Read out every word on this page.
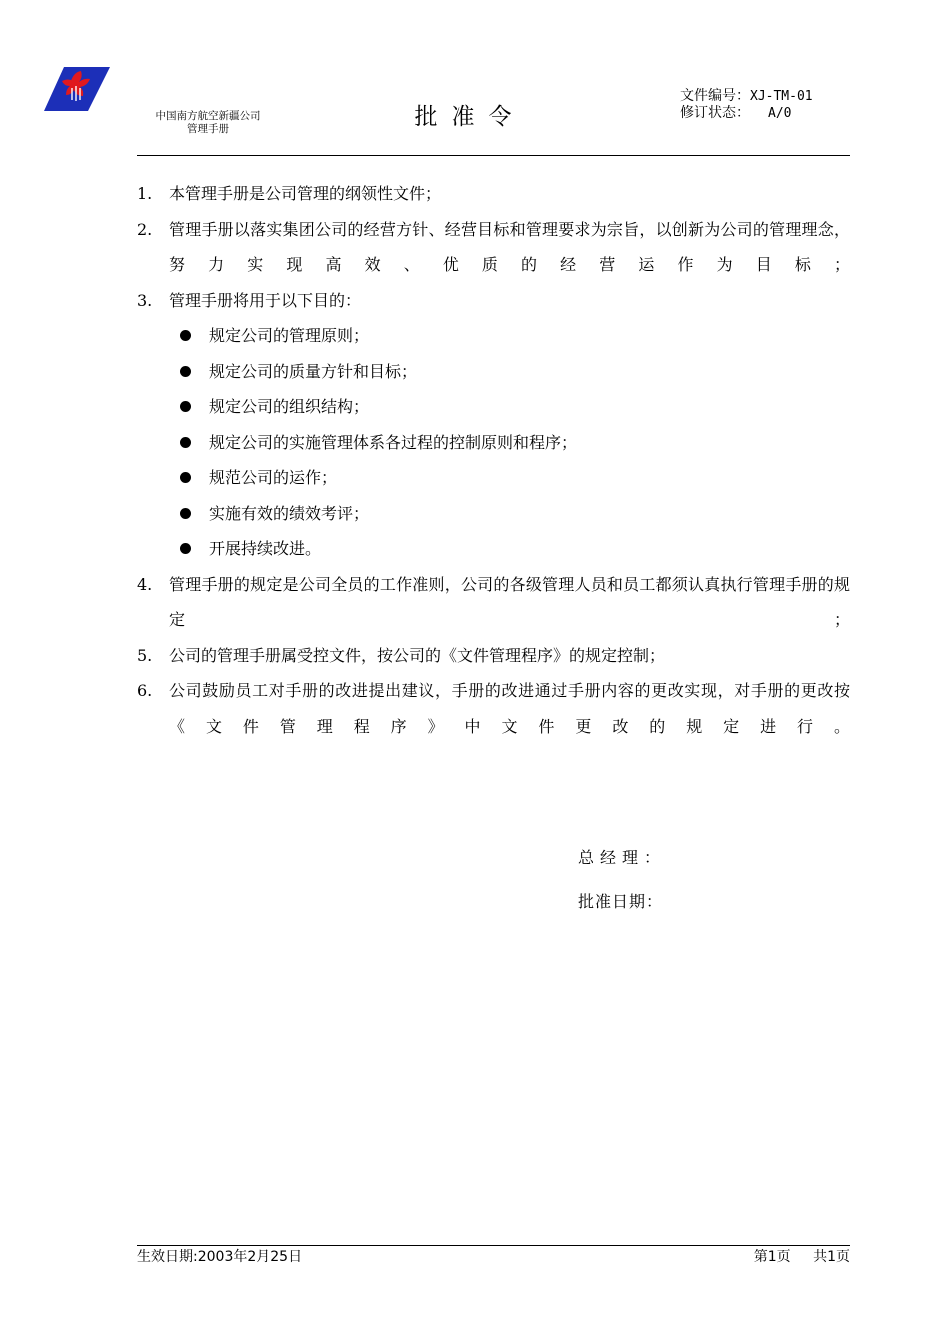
中国南方航空新疆公司
管理手册	批准令
文件编号：XJ-TM-01
修订状态： A/0
1. 本管理手册是公司管理的纲领性文件；
2. 管理手册以落实集团公司的经营方针、经营目标和管理要求为宗旨，以创新为公司的管理理念，努力实现高效、优质的经营运作为目标；
3. 管理手册将用于以下目的：
规定公司的管理原则；
规定公司的质量方针和目标；
规定公司的组织结构；
规定公司的实施管理体系各过程的控制原则和程序；
规范公司的运作；
实施有效的绩效考评；
开展持续改进。
4. 管理手册的规定是公司全员的工作准则，公司的各级管理人员和员工都须认真执行管理手册的规定；
5. 公司的管理手册属受控文件，按公司的《文件管理程序》的规定控制；
6. 公司鼓励员工对手册的改进提出建议，手册的改进通过手册内容的更改实现，对手册的更改按《文件管理程序》中文件更改的规定进行。
总经理：
批准日期：
生效日期:2003年2月25日	第1页 共1页
